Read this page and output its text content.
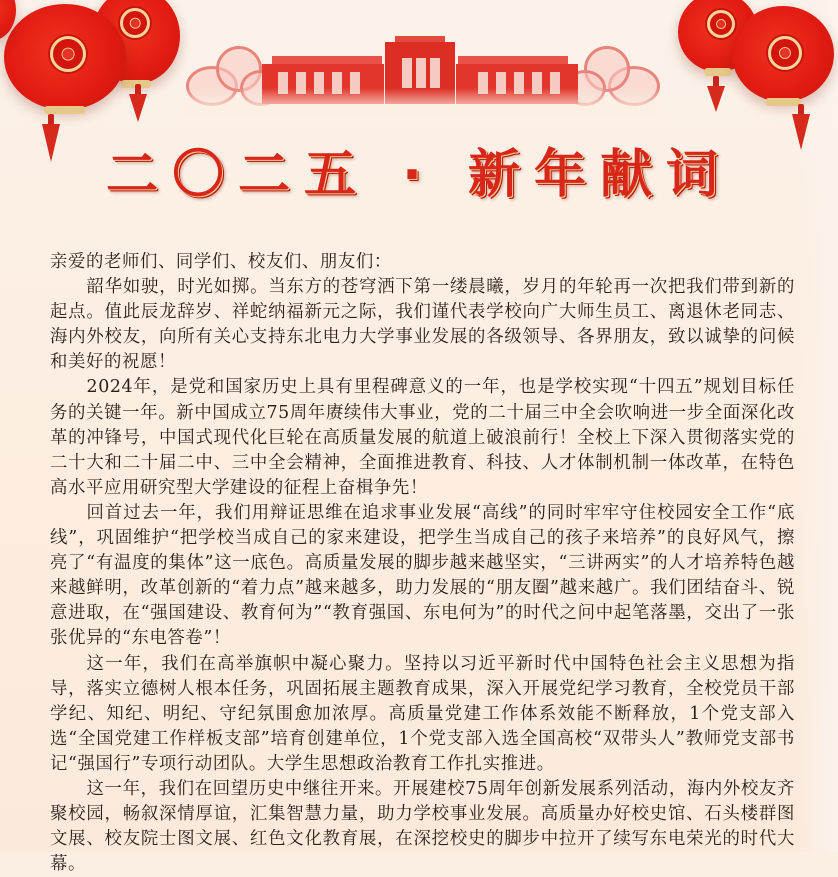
二〇二五 · 新年献词

亲爱的老师们、同学们、校友们、朋友们：

韶华如驶，时光如掷。当东方的苍穹洒下第一缕晨曦，岁月的年轮再一次把我们带到新的起点。值此辰龙辞岁、祥蛇纳福新元之际，我们谨代表学校向广大师生员工、离退休老同志、海内外校友，向所有关心支持东北电力大学事业发展的各级领导、各界朋友，致以诚挚的问候和美好的祝愿！

2024年，是党和国家历史上具有里程碑意义的一年，也是学校实现“十四五”规划目标任务的关键一年。新中国成立75周年赓续伟大事业，党的二十届三中全会吹响进一步全面深化改革的冲锋号，中国式现代化巨轮在高质量发展的航道上破浪前行！全校上下深入贯彻落实党的二十大和二十届二中、三中全会精神，全面推进教育、科技、人才体制机制一体改革，在特色高水平应用研究型大学建设的征程上奋楫争先！

回首过去一年，我们用辩证思维在追求事业发展“高线”的同时牢牢守住校园安全工作“底线”，巩固维护“把学校当成自己的家来建设，把学生当成自己的孩子来培养”的良好风气，擦亮了“有温度的集体”这一底色。高质量发展的脚步越来越坚实，“三讲两实”的人才培养特色越来越鲜明，改革创新的“着力点”越来越多，助力发展的“朋友圈”越来越广。我们团结奋斗、锐意进取，在“强国建设、教育何为”“教育强国、东电何为”的时代之问中起笔落墨，交出了一张张优异的“东电答卷”！

这一年，我们在高举旗帜中凝心聚力。坚持以习近平新时代中国特色社会主义思想为指导，落实立德树人根本任务，巩固拓展主题教育成果，深入开展党纪学习教育，全校党员干部学纪、知纪、明纪、守纪氛围愈加浓厚。高质量党建工作体系效能不断释放，1个党支部入选“全国党建工作样板支部”培育创建单位，1个党支部入选全国高校“双带头人”教师党支部书记“强国行”专项行动团队。大学生思想政治教育工作扎实推进。

这一年，我们在回望历史中继往开来。开展建校75周年创新发展系列活动，海内外校友齐聚校园，畅叙深情厚谊，汇集智慧力量，助力学校事业发展。高质量办好校史馆、石头楼群图文展、校友院士图文展、红色文化教育展，在深挖校史的脚步中拉开了续写东电荣光的时代大幕。
